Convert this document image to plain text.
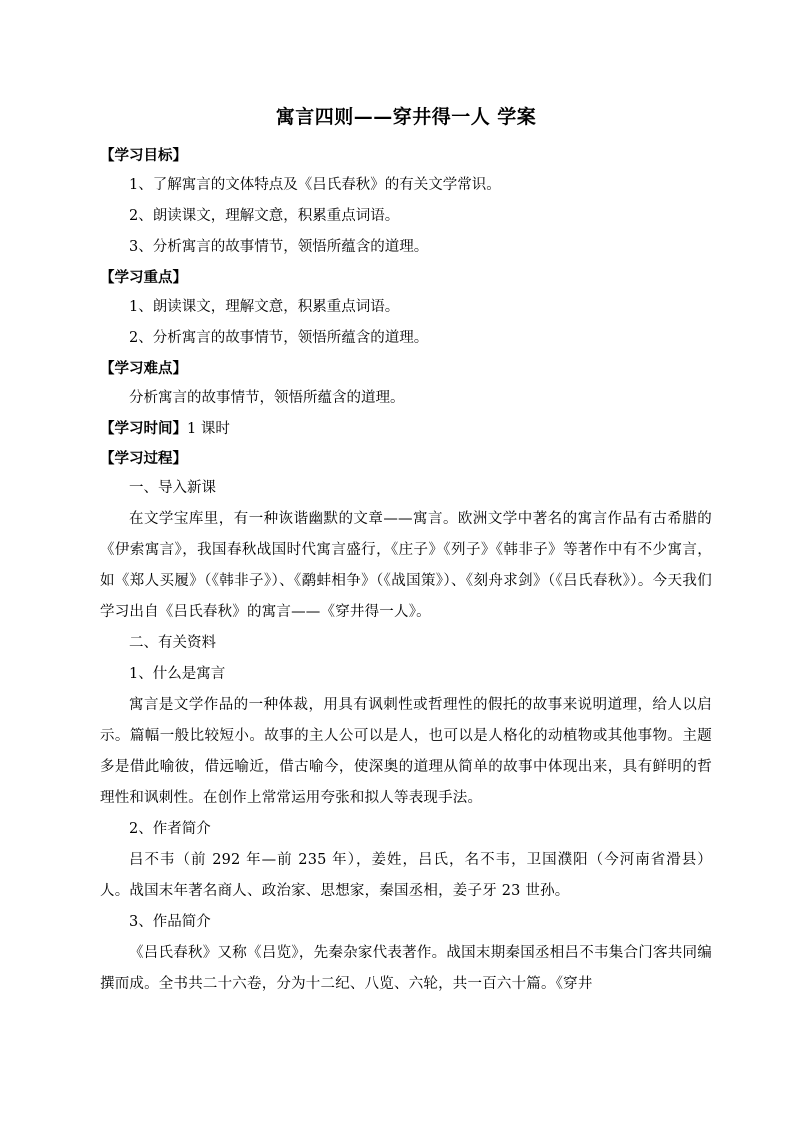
寓言四则——穿井得一人 学案
【学习目标】
1、了解寓言的文体特点及《吕氏春秋》的有关文学常识。
2、朗读课文，理解文意，积累重点词语。
3、分析寓言的故事情节，领悟所蕴含的道理。
【学习重点】
1、朗读课文，理解文意，积累重点词语。
2、分析寓言的故事情节，领悟所蕴含的道理。
【学习难点】
分析寓言的故事情节，领悟所蕴含的道理。
【学习时间】1 课时
【学习过程】
一、导入新课

在文学宝库里，有一种诙谐幽默的文章——寓言。欧洲文学中著名的寓言作品有古希腊的《伊索寓言》，我国春秋战国时代寓言盛行，《庄子》《列子》《韩非子》等著作中有不少寓言，如《郑人买履》（《韩非子》）、《鹬蚌相争》（《战国策》）、《刻舟求剑》（《吕氏春秋》）。今天我们学习出自《吕氏春秋》的寓言——《穿井得一人》。

二、有关资料
1、什么是寓言

寓言是文学作品的一种体裁，用具有讽刺性或哲理性的假托的故事来说明道理，给人以启示。篇幅一般比较短小。故事的主人公可以是人，也可以是人格化的动植物或其他事物。主题多是借此喻彼，借远喻近，借古喻今，使深奥的道理从简单的故事中体现出来，具有鲜明的哲理性和讽刺性。在创作上常常运用夸张和拟人等表现手法。

2、作者简介

吕不韦（前 292 年—前 235 年），姜姓，吕氏，名不韦，卫国濮阳（今河南省滑县）人。战国末年著名商人、政治家、思想家，秦国丞相，姜子牙 23 世孙。

3、作品简介

《吕氏春秋》又称《吕览》，先秦杂家代表著作。战国末期秦国丞相吕不韦集合门客共同编撰而成。全书共二十六卷，分为十二纪、八览、六轮，共一百六十篇。《穿井
